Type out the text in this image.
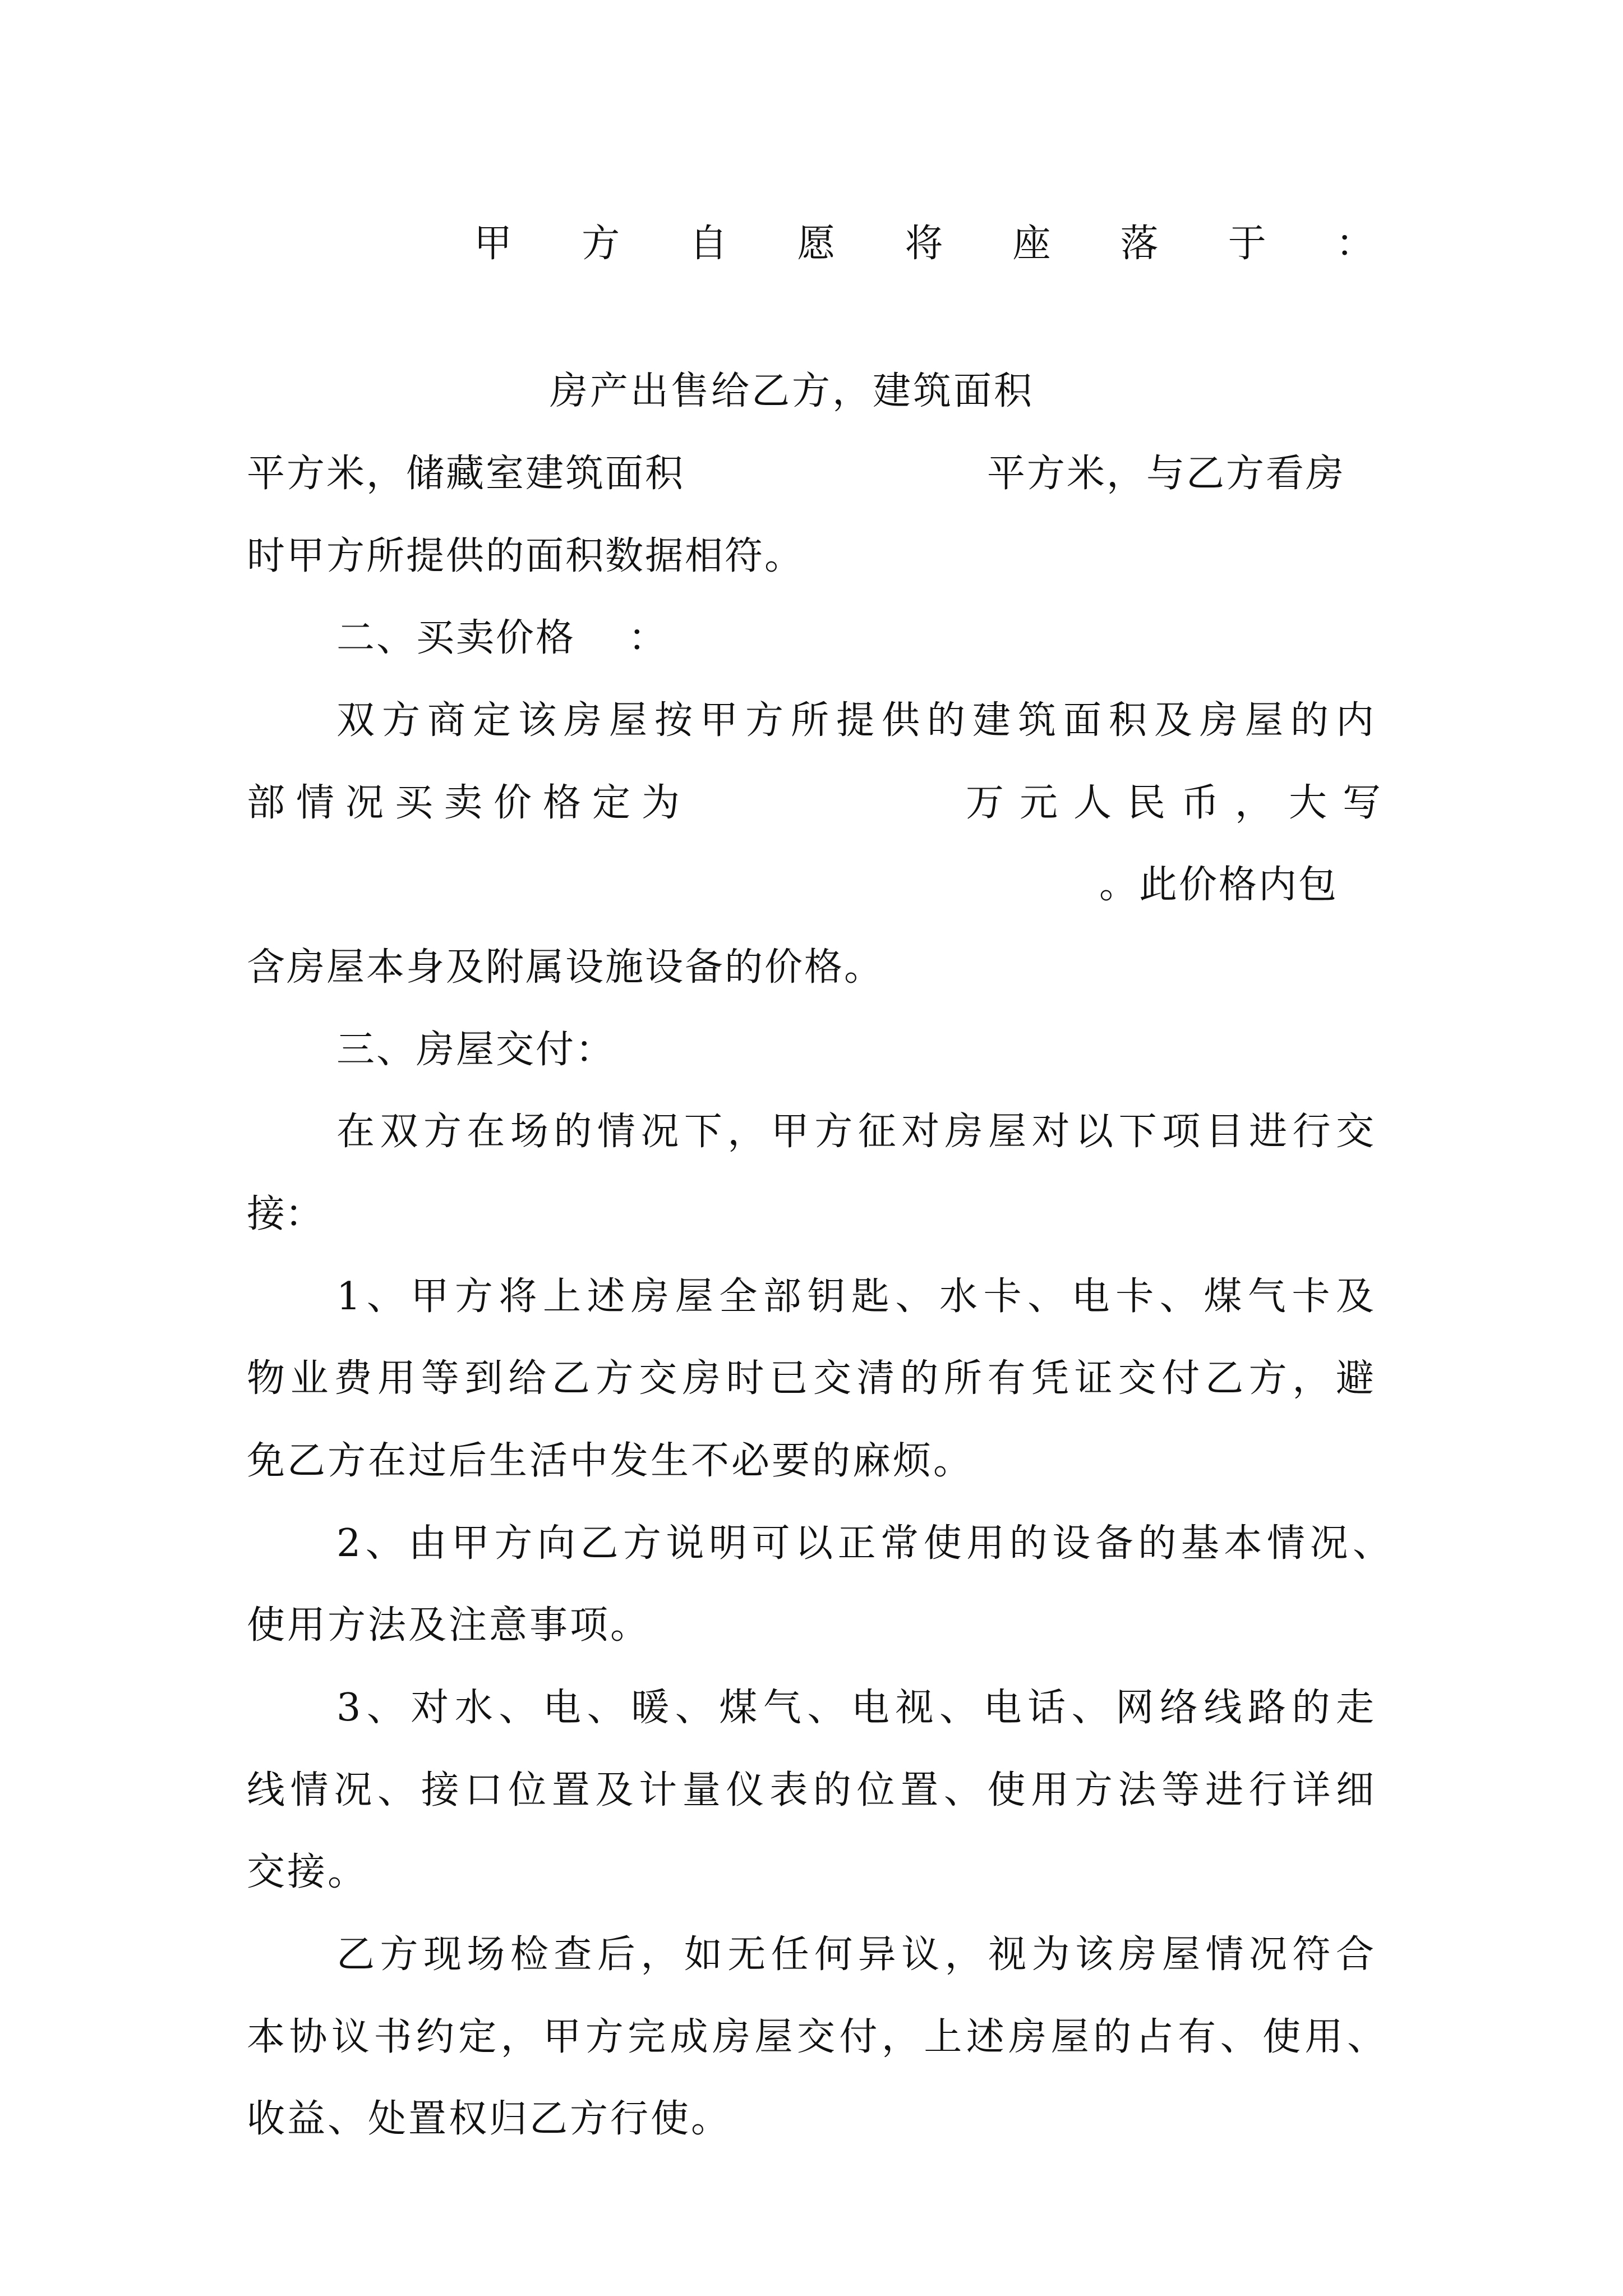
甲 方 自 愿 将 座 落 于 ：
房产出售给乙方，建筑面积
平方米，储藏室建筑面积	平方米，与乙方看房
时甲方所提供的面积数据相符。
二、买卖价格 ：
双方商定该房屋按甲方所提供的建筑面积及房屋的内
部情况买卖价格定为	万元人民币，大写
。此价格内包
含房屋本身及附属设施设备的价格。
三、房屋交付：
在双方在场的情况下，甲方征对房屋对以下项目进行交
接：
1、甲方将上述房屋全部钥匙、水卡、电卡、煤气卡及
物业费用等到给乙方交房时已交清的所有凭证交付乙方，避
免乙方在过后生活中发生不必要的麻烦。
2、由甲方向乙方说明可以正常使用的设备的基本情况、
使用方法及注意事项。
3、对水、电、暖、煤气、电视、电话、网络线路的走
线情况、接口位置及计量仪表的位置、使用方法等进行详细
交接。
乙方现场检查后，如无任何异议，视为该房屋情况符合
本协议书约定，甲方完成房屋交付，上述房屋的占有、使用、
收益、处置权归乙方行使。
